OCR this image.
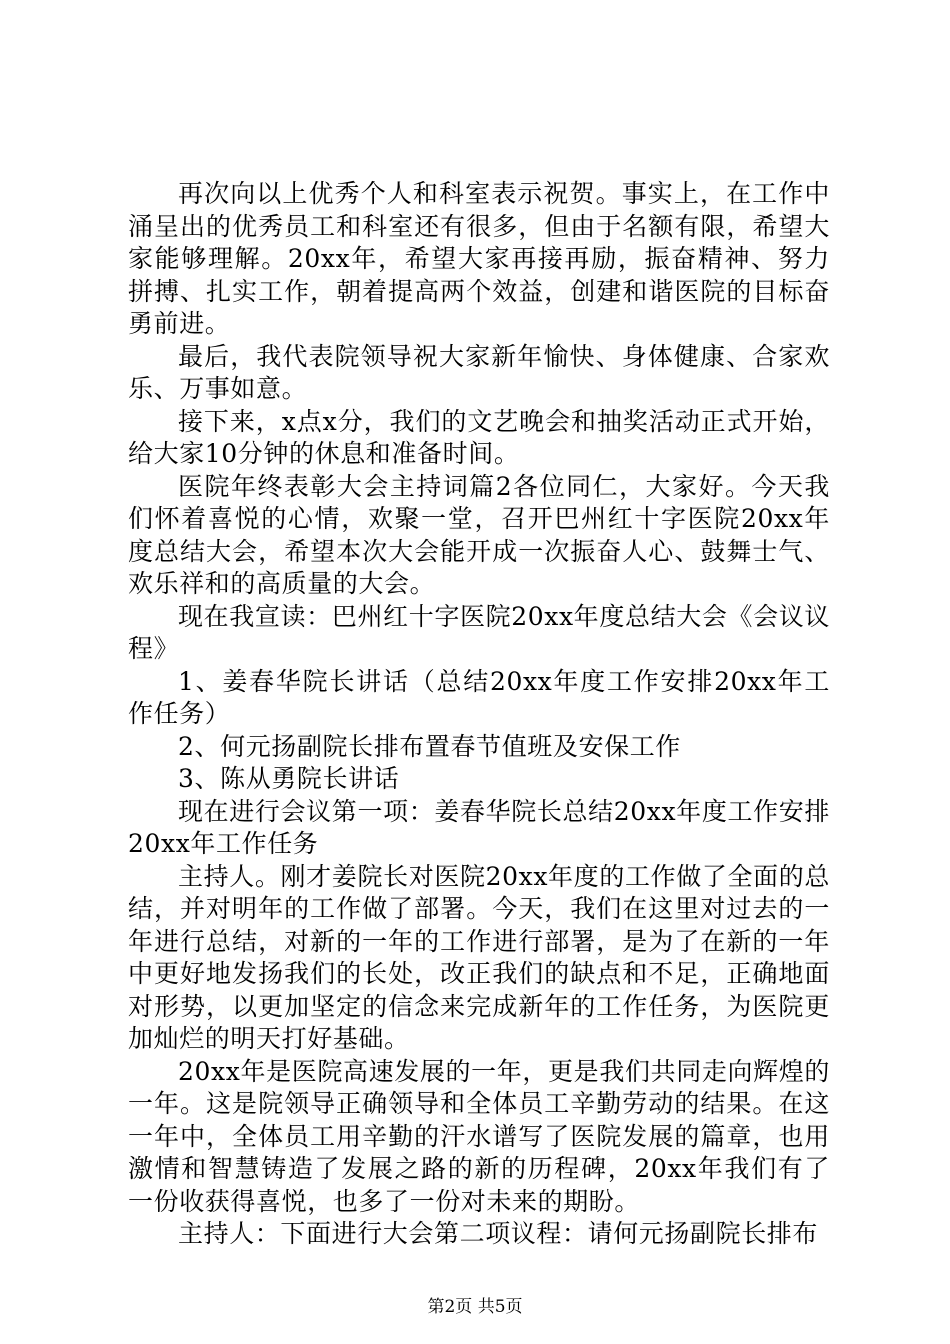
再次向以上优秀个人和科室表示祝贺。事实上，在工作中涌呈出的优秀员工和科室还有很多，但由于名额有限，希望大家能够理解。20xx年，希望大家再接再励，振奋精神、努力拼搏、扎实工作，朝着提高两个效益，创建和谐医院的目标奋勇前进。

最后，我代表院领导祝大家新年愉快、身体健康、合家欢乐、万事如意。

接下来，x点x分，我们的文艺晚会和抽奖活动正式开始，给大家10分钟的休息和准备时间。

医院年终表彰大会主持词篇2各位同仁，大家好。今天我们怀着喜悦的心情，欢聚一堂，召开巴州红十字医院20xx年度总结大会，希望本次大会能开成一次振奋人心、鼓舞士气、欢乐祥和的高质量的大会。

现在我宣读：巴州红十字医院20xx年度总结大会《会议议程》

1、姜春华院长讲话（总结20xx年度工作安排20xx年工作任务）

2、何元扬副院长排布置春节值班及安保工作

3、陈从勇院长讲话

现在进行会议第一项：姜春华院长总结20xx年度工作安排20xx年工作任务

主持人。刚才姜院长对医院20xx年度的工作做了全面的总结，并对明年的工作做了部署。今天，我们在这里对过去的一年进行总结，对新的一年的工作进行部署，是为了在新的一年中更好地发扬我们的长处，改正我们的缺点和不足，正确地面对形势，以更加坚定的信念来完成新年的工作任务，为医院更加灿烂的明天打好基础。

20xx年是医院高速发展的一年，更是我们共同走向辉煌的一年。这是院领导正确领导和全体员工辛勤劳动的结果。在这一年中，全体员工用辛勤的汗水谱写了医院发展的篇章，也用激情和智慧铸造了发展之路的新的历程碑，20xx年我们有了一份收获得喜悦，也多了一份对未来的期盼。

主持人：下面进行大会第二项议程：请何元扬副院长排布

第2页 共5页
